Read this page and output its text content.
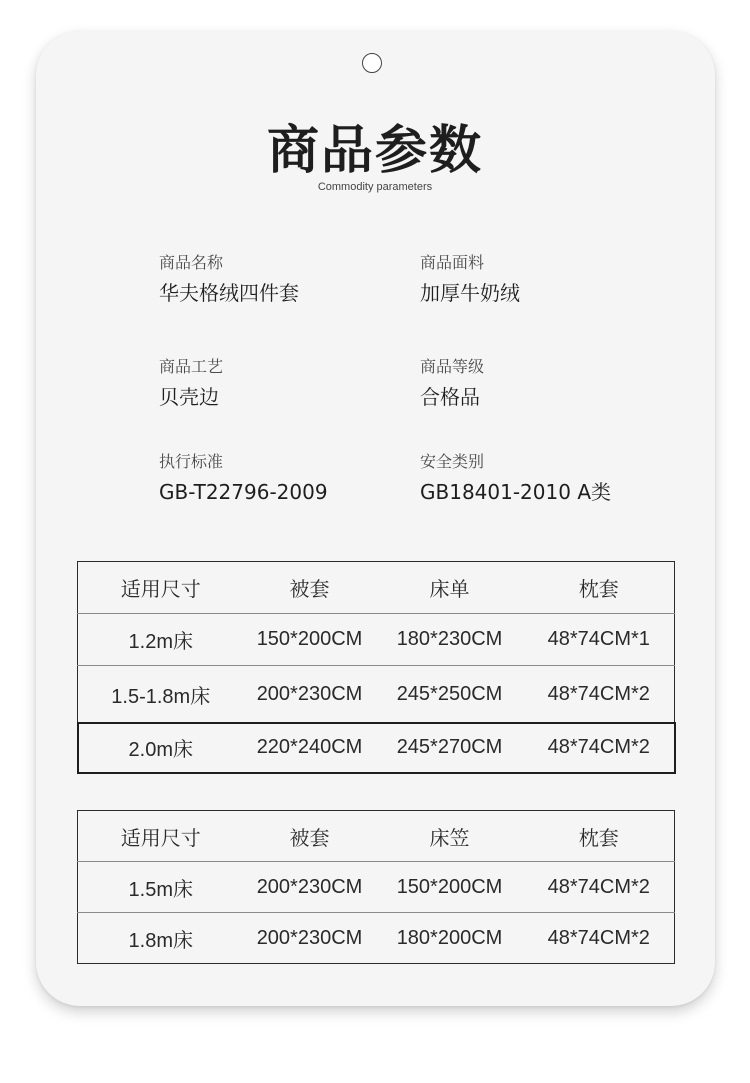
商品参数
Commodity parameters
商品名称
华夫格绒四件套
商品面料
加厚牛奶绒
商品工艺
贝壳边
商品等级
合格品
执行标准
GB-T22796-2009
安全类别
GB18401-2010 A类
适用尺寸	被套	床单	枕套
1.2m床	150*200CM	180*230CM	48*74CM*1
1.5-1.8m床	200*230CM	245*250CM	48*74CM*2
2.0m床	220*240CM	245*270CM	48*74CM*2
适用尺寸	被套	床笠	枕套
1.5m床	200*230CM	150*200CM	48*74CM*2
1.8m床	200*230CM	180*200CM	48*74CM*2
